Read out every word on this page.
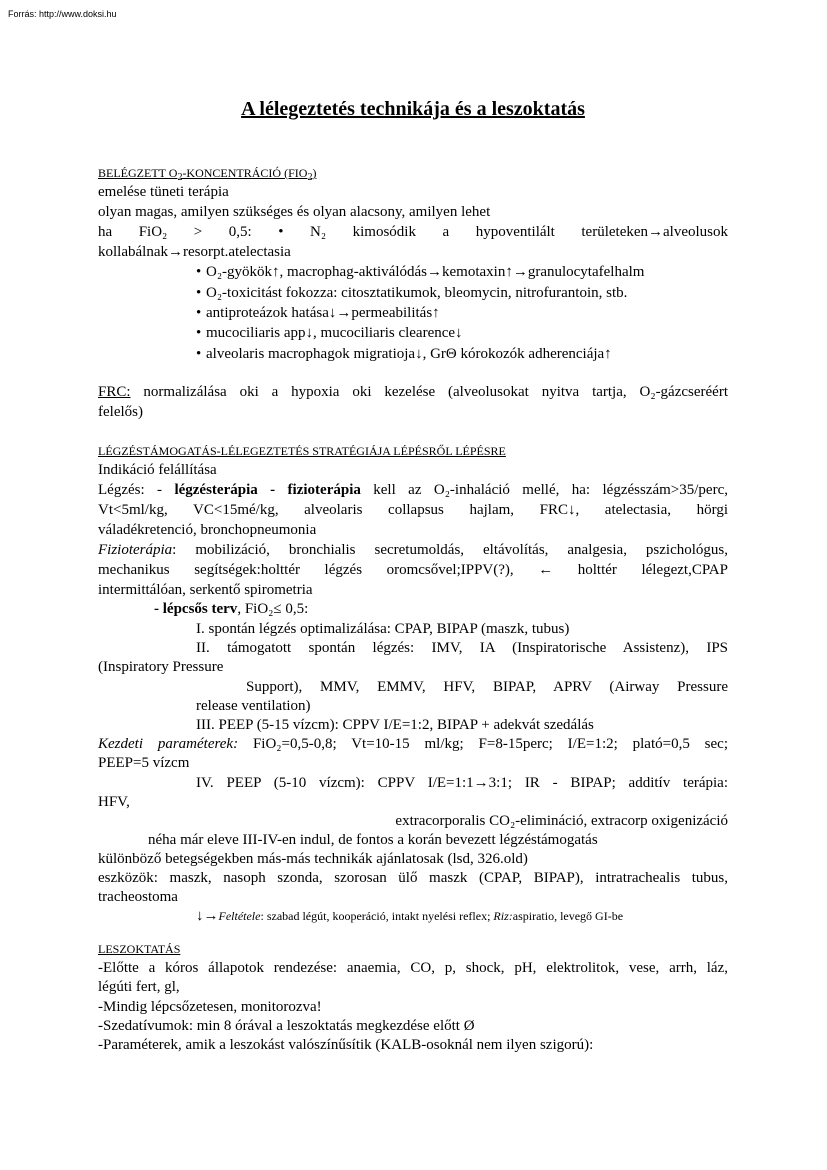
Forrás: http://www.doksi.hu
A lélegeztetés technikája és a leszoktatás
BELÉGZETT $O_2$-KONCENTRÁCIÓ $(FIO_2)$
emelése tüneti terápia
olyan magas, amilyen szükséges és olyan alacsony, amilyen lehet
ha FiO₂ > 0,5: • N₂ kimosódik a hypoventilált területeken→alveolusok
kollabálnak→resorpt.atelectasia
• O₂-gyökök↑, macrophag-aktiválódás→kemotaxin↑→granulocytafelhalm
• O₂-toxicitást fokozza: citosztatikumok, bleomycin, nitrofurantoin, stb.
• antiproteázok hatása↓→permeabilitás↑
• mucociliaris app↓, mucociliaris clearence↓
• alveolaris macrophagok migratioja↓, GrΘ kórokozók adherenciája↑
FRC: normalizálása oki a hypoxia oki kezelése (alveolusokat nyitva tartja, O₂-gázcseréért
felelős)
LÉGZÉSTÁMOGATÁS-LÉLEGEZTETÉS STRATÉGIÁJA LÉPÉSRŐL LÉPÉSRE
Indikáció felállítása
Légzés: - légzésterápia - fizioterápia kell az O₂-inhaláció mellé, ha: légzésszám>35/perc,
Vt<5ml/kg, VC<15mé/kg, alveolaris collapsus hajlam, FRC↓, atelectasia, hörgi
váladékretenció, bronchopneumonia
Fizioterápia: mobilizáció, bronchialis secretumoldás, eltávolítás, analgesia, pszichológus,
mechanikus segítségek:holttér légzés oromcsővel;IPPV(?), ← holttér lélegezt,CPAP
intermittálóan, serkentő spirometria
- lépcsős terv, FiO₂≤ 0,5:
I. spontán légzés optimalizálása: CPAP, BIPAP (maszk, tubus)
II. támogatott spontán légzés: IMV, IA (Inspiratorische Assistenz), IPS
(Inspiratory Pressure
Support), MMV, EMMV, HFV, BIPAP, APRV (Airway Pressure
release ventilation)
III. PEEP (5-15 vízcm): CPPV I/E=1:2, BIPAP + adekvát szedálás
Kezdeti paraméterek: FiO₂=0,5-0,8; Vt=10-15 ml/kg; F=8-15perc; I/E=1:2; plató=0,5 sec;
PEEP=5 vízcm
IV. PEEP (5-10 vízcm): CPPV I/E=1:1→3:1; IR - BIPAP; additív terápia:
HFV,
extracorporalis CO₂-elimináció, extracorp oxigenizáció
néha már eleve III-IV-en indul, de fontos a korán bevezett légzéstámogatás
különböző betegségekben más-más technikák ajánlatosak (lsd, 326.old)
eszközök: maszk, nasoph szonda, szorosan ülő maszk (CPAP, BIPAP), intratrachealis tubus,
tracheostoma
↓→Feltétele: szabad légút, kooperáció, intakt nyelési reflex; Riz:aspiratio, levegő GI-be
LESZOKTATÁS
-Előtte a kóros állapotok rendezése: anaemia, CO, p, shock, pH, elektrolitok, vese, arrh, láz,
légúti fert, gl,
-Mindig lépcsőzetesen, monitorozva!
-Szedatívumok: min 8 órával a leszoktatás megkezdése előtt Ø
-Paraméterek, amik a leszokást valószínűsítik (KALB-osoknál nem ilyen szigorú):
